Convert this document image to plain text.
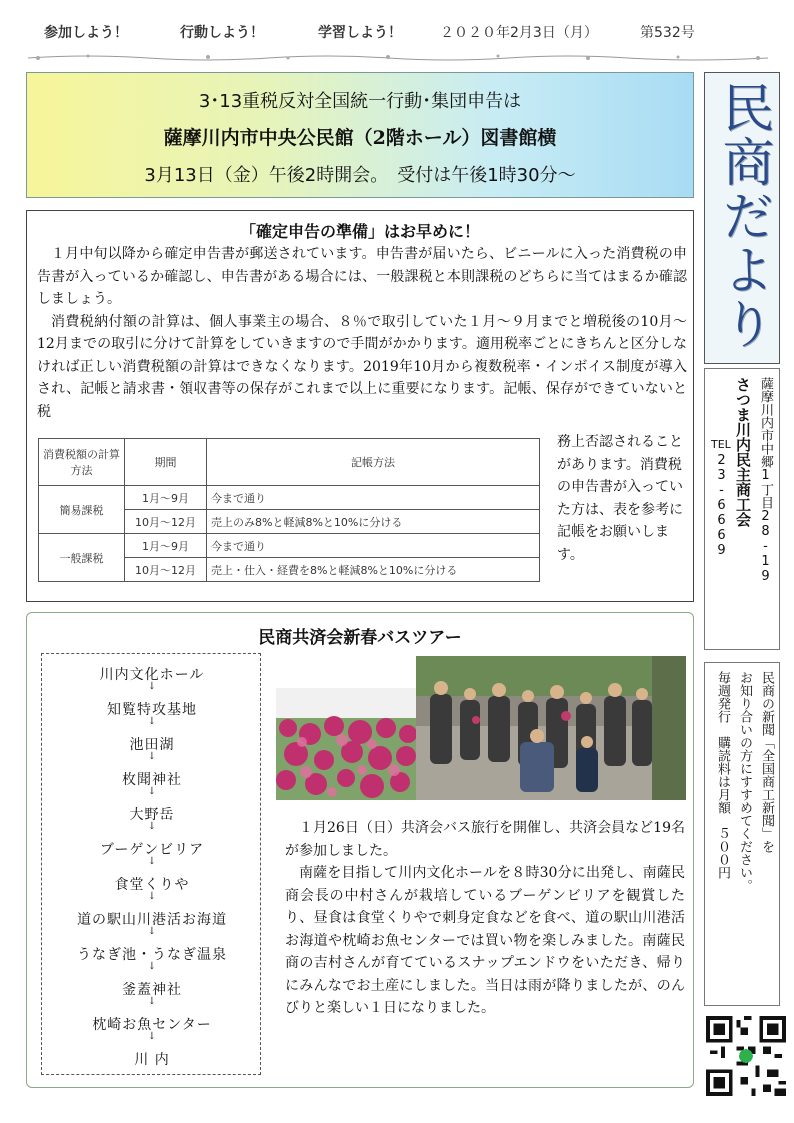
参加しよう！	行動しよう！	学習しよう！	２０２０年2月3日（月）	第532号
3･13重税反対全国統一行動･集団申告は
薩摩川内市中央公民館（2階ホール）図書館横
3月13日（金）午後2時開会。　受付は午後1時30分～	民商だより
薩摩川内市中郷1丁目28-19
さつま川内民主商工会
23-6669
TEL
民商の新聞「全国商工新聞」を
お知り合いの方にすすめてください。
毎週発行　購読料は月額　５００円
「確定申告の準備」はお早めに！

１月中旬以降から確定申告書が郵送されています。申告書が届いたら、ビニールに入った消費税の申告書が入っているか確認し、申告書がある場合には、一般課税と本則課税のどちらに当てはまるか確認しましょう。

消費税納付額の計算は、個人事業主の場合、８％で取引していた１月～９月までと増税後の10月～12月までの取引に分けて計算をしていきますので手間がかかります。適用税率ごとにきちんと区分しなければ正しい消費税額の計算はできなくなります。2019年10月から複数税率・インボイス制度が導入され、記帳と請求書・領収書等の保存がこれまで以上に重要になります。記帳、保存ができていないと税

務上否認されることがあります。消費税の申告書が入っていた方は、表を参考に記帳をお願いします。
消費税額の計算方法	期間	記帳方法
簡易課税	1月～9月	今まで通り
	10月～12月	売上のみ8%と軽減8%と10%に分ける
一般課税	1月～9月	今まで通り
	10月～12月	売上・仕入・経費を8%と軽減8%と10%に分ける
民商共済会新春バスツアー
川内文化ホール
↓
知覧特攻基地
↓
池田湖
↓
枚聞神社
↓
大野岳
↓
ブーゲンビリア
↓
食堂くりや
↓
道の駅山川港活お海道
↓
うなぎ池・うなぎ温泉
↓
釜蓋神社
↓
枕崎お魚センター
↓
川 内

１月26日（日）共済会バス旅行を開催し、共済会員など19名が参加しました。

南薩を目指して川内文化ホールを８時30分に出発し、南薩民商会長の中村さんが栽培しているブーゲンビリアを観賞したり、昼食は食堂くりやで刺身定食などを食べ、道の駅山川港活お海道や枕崎お魚センターでは買い物を楽しみました。南薩民商の吉村さんが育てているスナップエンドウをいただき、帰りにみんなでお土産にしました。当日は雨が降りましたが、のんびりと楽しい１日になりました。
